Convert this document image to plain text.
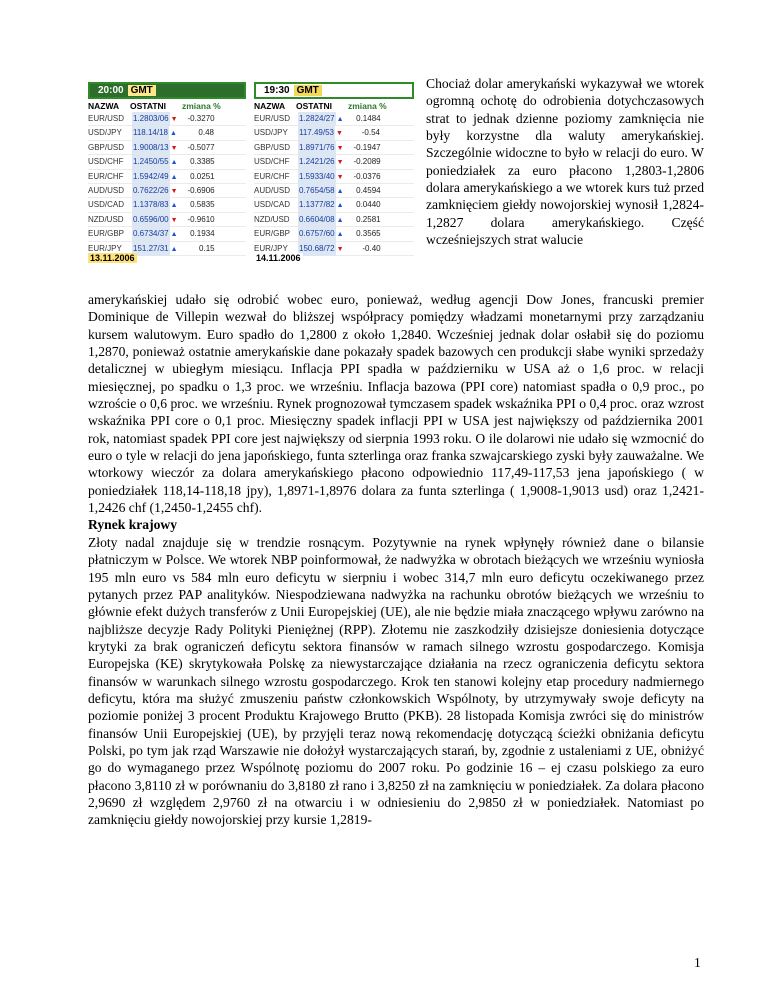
20:00 GMT
NAZWA OSTATNI zmiana %
EUR/USD 1.2803/06 ▼ -0.3270
USD/JPY 118.14/18 ▲	0.48
GBP/USD 1.9008/13 ▼ -0.5077
USD/CHF 1.2450/55 ▲ 0.3385
EUR/CHF 1.5942/49 ▲ 0.0251
AUD/USD 0.7622/26 ▼ -0.6906
USD/CAD 1.1378/83 ▲ 0.5835
NZD/USD 0.6596/00 ▼ -0.9610
EUR/GBP 0.6734/37 ▲ 0.1934
EUR/JPY 151.27/31 ▲	0.15
13.11.2006
19:30 GMT
NAZWA OSTATNI zmiana %
EUR/USD 1.2824/27 ▲ 0.1484
USD/JPY 117.49/53 ▼ -0.54
GBP/USD 1.8971/76 ▼ -0.1947
USD/CHF 1.2421/26 ▼ -0.2089
EUR/CHF 1.5933/40 ▼ -0.0376
AUD/USD 0.7654/58 ▲ 0.4594
USD/CAD 1.1377/82 ▲ 0.0440
NZD/USD 0.6604/08 ▲ 0.2581
EUR/GBP 0.6757/60 ▲ 0.3565
EUR/JPY 150.68/72 ▼ -0.40
14.11.2006

Chociaż dolar amerykański wykazywał we wtorek ogromną ochotę do odrobienia dotychczasowych strat to jednak dzienne poziomy zamknięcia nie były korzystne dla waluty amerykańskiej. Szczególnie widoczne to było w relacji do euro. W poniedziałek za euro płacono 1,2803-1,2806 dolara amerykańskiego a we wtorek kurs tuż przed zamknięciem giełdy nowojorskiej wynosił 1,2824-1,2827 dolara amerykańskiego. Część wcześniejszych strat walucie

amerykańskiej udało się odrobić wobec euro, ponieważ, według agencji Dow Jones, francuski premier Dominique de Villepin wezwał do bliższej współpracy pomiędzy władzami monetarnymi przy zarządzaniu kursem walutowym. Euro spadło do 1,2800 z około 1,2840. Wcześniej jednak dolar osłabił się do poziomu 1,2870, ponieważ ostatnie amerykańskie dane pokazały spadek bazowych cen produkcji słabe wyniki sprzedaży detalicznej w ubiegłym miesiącu. Inflacja PPI spadła w październiku w USA aż o 1,6 proc. w relacji miesięcznej, po spadku o 1,3 proc. we wrześniu. Inflacja bazowa (PPI core) natomiast spadła o 0,9 proc., po wzroście o 0,6 proc. we wrześniu. Rynek prognozował tymczasem spadek wskaźnika PPI o 0,4 proc. oraz wzrost wskaźnika PPI core o 0,1 proc. Miesięczny spadek inflacji PPI w USA jest największy od października 2001 rok, natomiast spadek PPI core jest największy od sierpnia 1993 roku. O ile dolarowi nie udało się wzmocnić do euro o tyle w relacji do jena japońskiego, funta szterlinga oraz franka szwajcarskiego zyski były zauważalne. We wtorkowy wieczór za dolara amerykańskiego płacono odpowiednio 117,49-117,53 jena japońskiego ( w poniedziałek 118,14-118,18 jpy), 1,8971-1,8976 dolara za funta szterlinga ( 1,9008-1,9013 usd) oraz 1,2421-1,2426 chf (1,2450-1,2455 chf).

Rynek krajowy

Złoty nadal znajduje się w trendzie rosnącym. Pozytywnie na rynek wpłynęły również dane o bilansie płatniczym w Polsce. We wtorek NBP poinformował, że nadwyżka w obrotach bieżących we wrześniu wyniosła 195 mln euro vs 584 mln euro deficytu w sierpniu i wobec 314,7 mln euro deficytu oczekiwanego przez pytanych przez PAP analityków. Niespodziewana nadwyżka na rachunku obrotów bieżących we wrześniu to głównie efekt dużych transferów z Unii Europejskiej (UE), ale nie będzie miała znaczącego wpływu zarówno na najbliższe decyzje Rady Polityki Pieniężnej (RPP). Złotemu nie zaszkodziły dzisiejsze doniesienia dotyczące krytyki za brak ograniczeń deficytu sektora finansów w ramach silnego wzrostu gospodarczego. Komisja Europejska (KE) skrytykowała Polskę za niewystarczające działania na rzecz ograniczenia deficytu sektora finansów w warunkach silnego wzrostu gospodarczego. Krok ten stanowi kolejny etap procedury nadmiernego deficytu, która ma służyć zmuszeniu państw członkowskich Wspólnoty, by utrzymywały swoje deficyty na poziomie poniżej 3 procent Produktu Krajowego Brutto (PKB). 28 listopada Komisja zwróci się do ministrów finansów Unii Europejskiej (UE), by przyjęli teraz nową rekomendację dotyczącą ścieżki obniżania deficytu Polski, po tym jak rząd Warszawie nie dołożył wystarczających starań, by, zgodnie z ustaleniami z UE, obniżyć go do wymaganego przez Wspólnotę poziomu do 2007 roku. Po godzinie 16 – ej czasu polskiego za euro płacono 3,8110 zł w porównaniu do 3,8180 zł rano i 3,8250 zł na zamknięciu w poniedziałek. Za dolara płacono 2,9690 zł względem 2,9760 zł na otwarciu i w odniesieniu do 2,9850 zł w poniedziałek. Natomiast po zamknięciu giełdy nowojorskiej przy kursie 1,2819-

1
